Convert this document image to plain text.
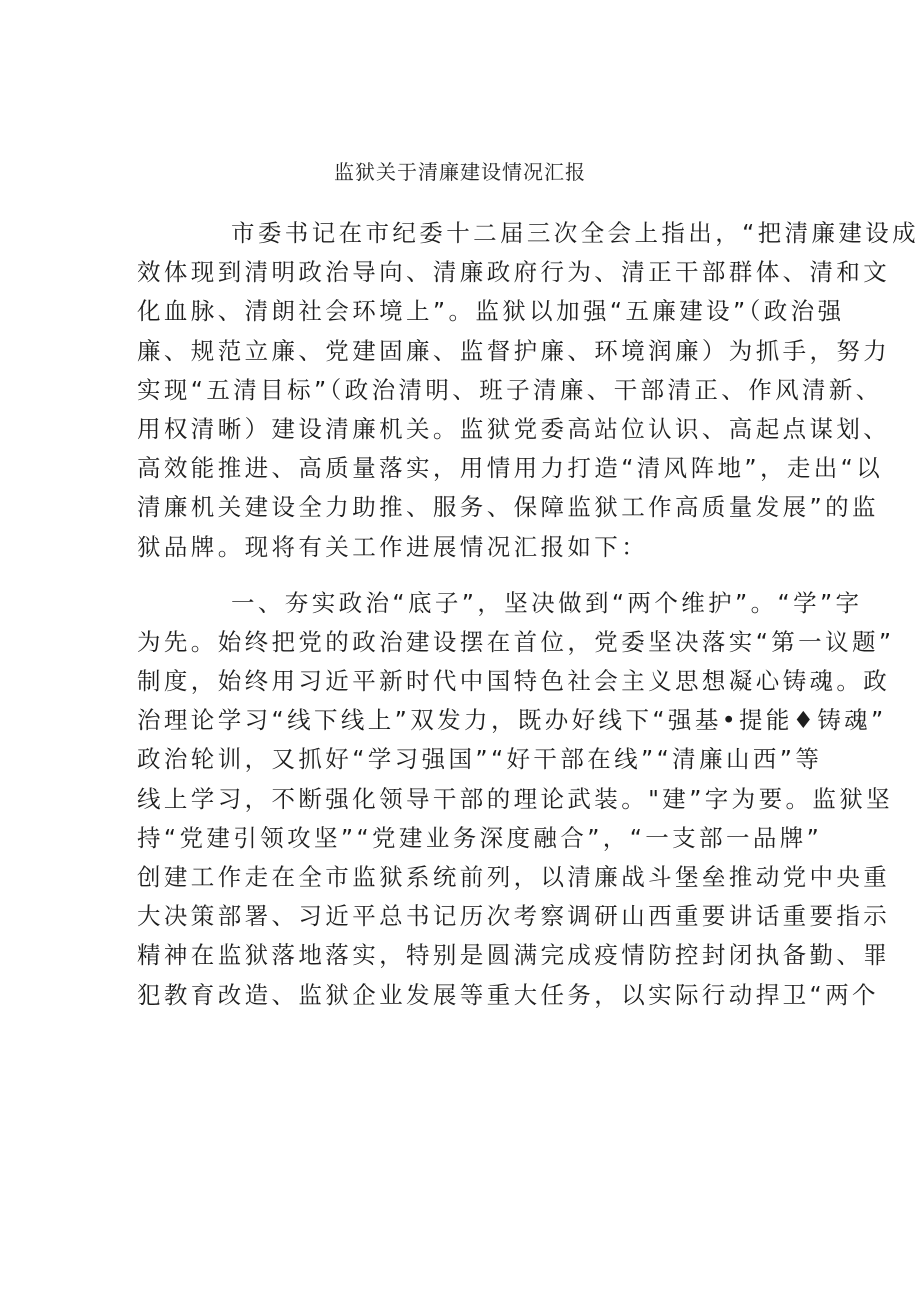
监狱关于清廉建设情况汇报
市委书记在市纪委十二届三次全会上指出，“把清廉建设成
效体现到清明政治导向、清廉政府行为、清正干部群体、清和文
化血脉、清朗社会环境上”。监狱以加强“五廉建设”（政治强
廉、规范立廉、党建固廉、监督护廉、环境润廉）为抓手，努力
实现“五清目标”（政治清明、班子清廉、干部清正、作风清新、
用权清晰）建设清廉机关。监狱党委高站位认识、高起点谋划、
高效能推进、高质量落实，用情用力打造“清风阵地”，走出“以
清廉机关建设全力助推、服务、保障监狱工作高质量发展”的监
狱品牌。现将有关工作进展情况汇报如下：
一、夯实政治“底子”，坚决做到“两个维护”。“学”字
为先。始终把党的政治建设摆在首位，党委坚决落实“第一议题”
制度，始终用习近平新时代中国特色社会主义思想凝心铸魂。政
治理论学习“线下线上”双发力，既办好线下“强基•提能♦铸魂”
政治轮训，又抓好“学习强国”“好干部在线”“清廉山西”等
线上学习，不断强化领导干部的理论武装。"建”字为要。监狱坚
持“党建引领攻坚”“党建业务深度融合”，“一支部一品牌”
创建工作走在全市监狱系统前列，以清廉战斗堡垒推动党中央重
大决策部署、习近平总书记历次考察调研山西重要讲话重要指示
精神在监狱落地落实，特别是圆满完成疫情防控封闭执备勤、罪
犯教育改造、监狱企业发展等重大任务，以实际行动捍卫“两个
